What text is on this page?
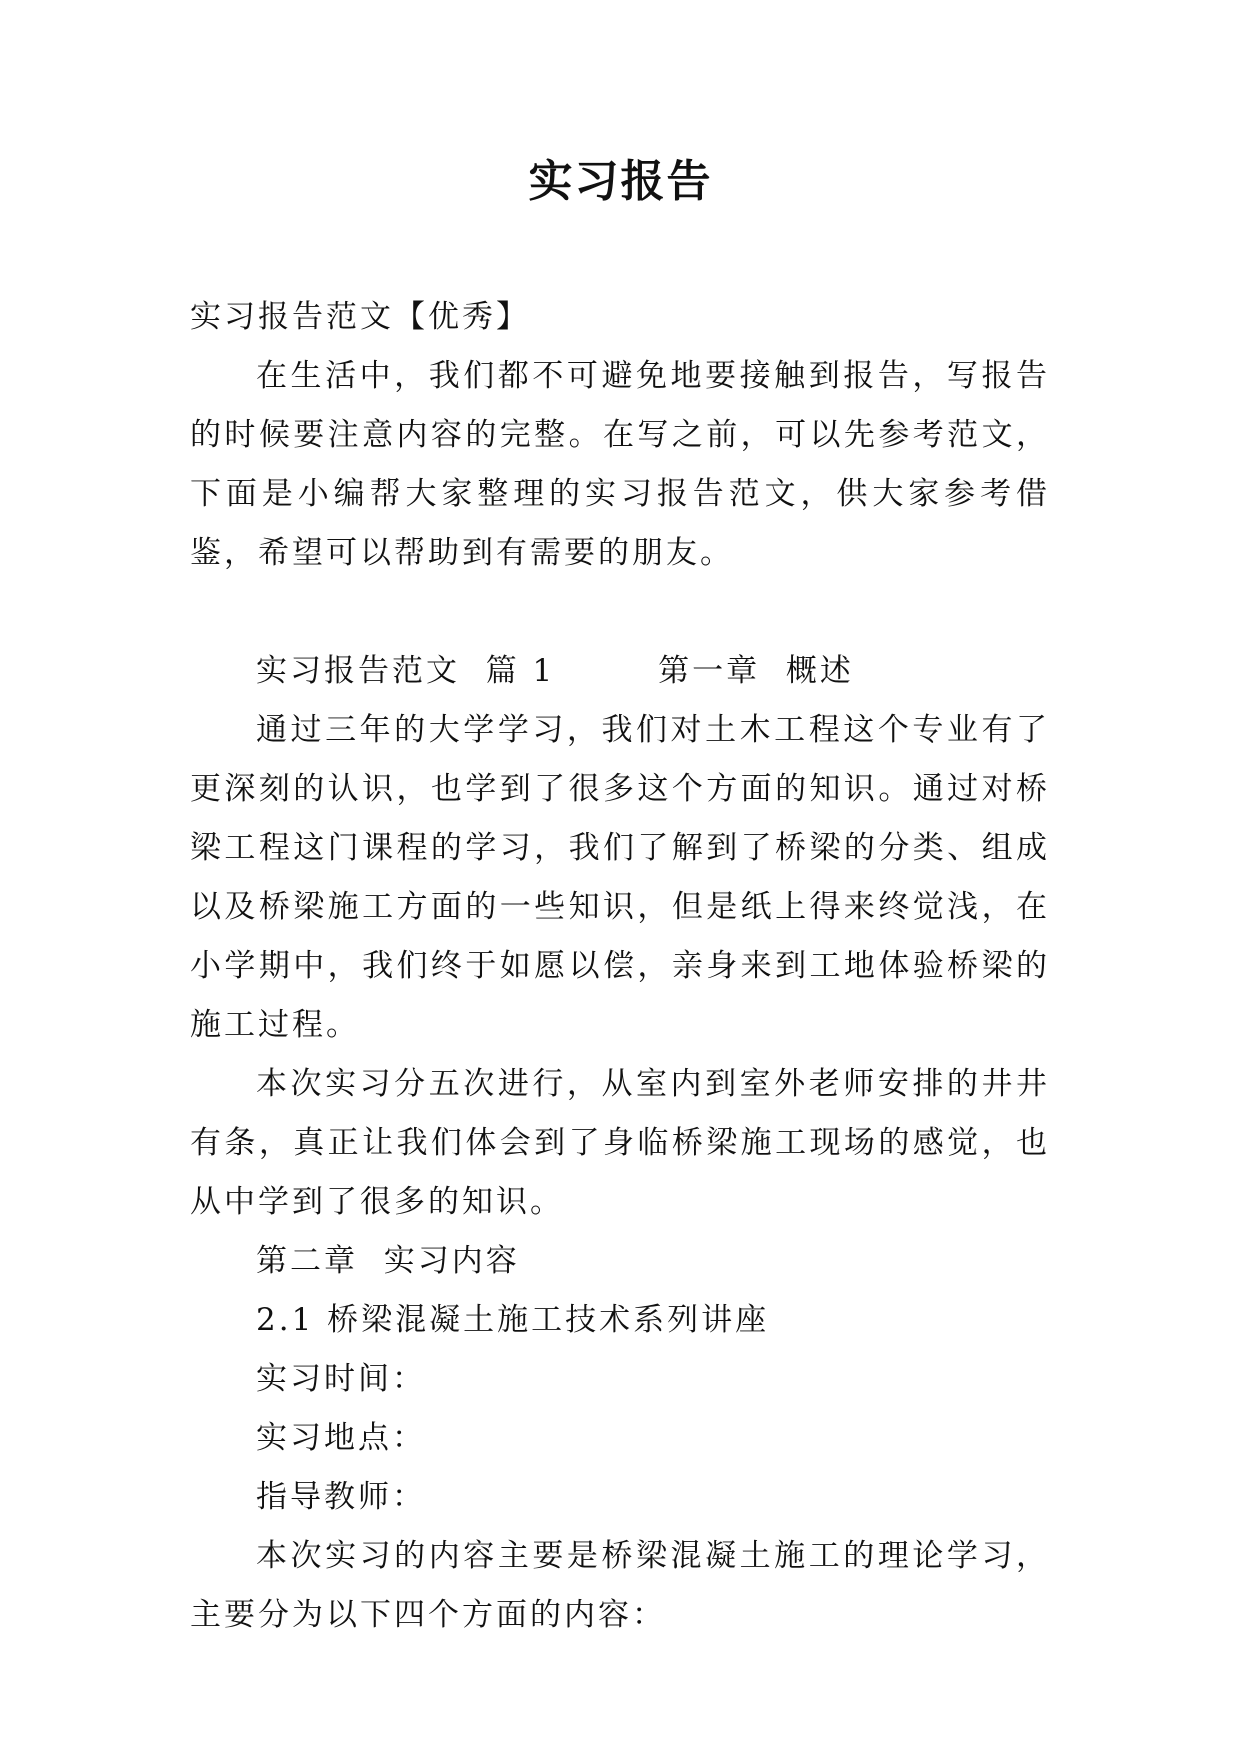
实习报告

实习报告范文【优秀】

在生活中，我们都不可避免地要接触到报告，写报告的时候要注意内容的完整。在写之前，可以先参考范文，下面是小编帮大家整理的实习报告范文，供大家参考借鉴，希望可以帮助到有需要的朋友。

实习报告范文  篇 1        第一章  概述

通过三年的大学学习，我们对土木工程这个专业有了更深刻的认识，也学到了很多这个方面的知识。通过对桥梁工程这门课程的学习，我们了解到了桥梁的分类、组成以及桥梁施工方面的一些知识，但是纸上得来终觉浅，在小学期中，我们终于如愿以偿，亲身来到工地体验桥梁的施工过程。

本次实习分五次进行，从室内到室外老师安排的井井有条，真正让我们体会到了身临桥梁施工现场的感觉，也从中学到了很多的知识。

第二章  实习内容

2.1 桥梁混凝土施工技术系列讲座

实习时间：

实习地点：

指导教师：

本次实习的内容主要是桥梁混凝土施工的理论学习，主要分为以下四个方面的内容：
